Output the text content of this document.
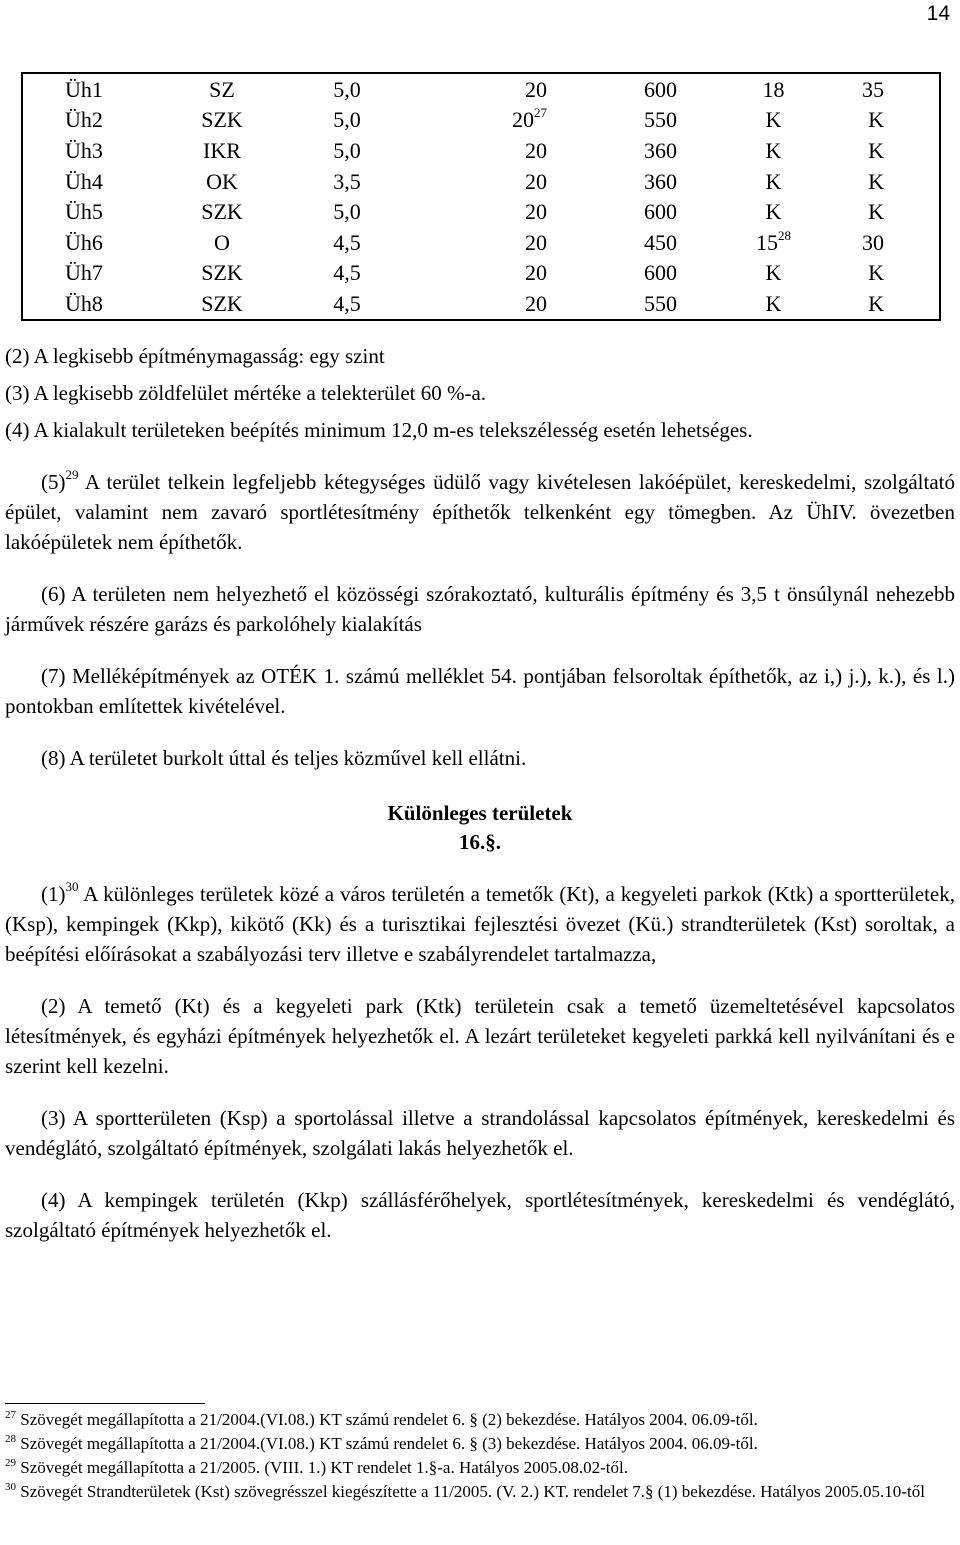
14
Üh1	SZ	5,0	20	600	18	35
Üh2	SZK	5,0	$20^{27}$	550	K	K
Üh3	IKR	5,0	20	360	K	K
Üh4	OK	3,5	20	360	K	K
Üh5	SZK	5,0	20	600	K	K
Üh6	O	4,5	20	450	$15^{28}$	30
Üh7	SZK	4,5	20	600	K	K
Üh8	SZK	4,5	20	550	K	K

(2) A legkisebb építménymagasság: egy szint

(3) A legkisebb zöldfelület mértéke a telekterület 60 %-a.

(4) A kialakult területeken beépítés minimum 12,0 m-es telekszélesség esetén lehetséges.

$(5)^{29}$ A terület telkein legfeljebb kétegységes üdülő vagy kivételesen lakóépület, kereskedelmi, szolgáltató épület, valamint nem zavaró sportlétesítmény építhetők telkenként egy tömegben. Az ÜhIV. övezetben lakóépületek nem építhetők.

(6) A területen nem helyezhető el közösségi szórakoztató, kulturális építmény és 3,5 t önsúlynál nehezebb járművek részére garázs és parkolóhely kialakítás

(7) Melléképítmények az OTÉK 1. számú melléklet 54. pontjában felsoroltak építhetők, az i,) j.), k.), és l.) pontokban említettek kivételével.

(8) A területet burkolt úttal és teljes közművel kell ellátni.

Különleges területek

16.§.

$(1)^{30}$ A különleges területek közé a város területén a temetők (Kt), a kegyeleti parkok (Ktk) a sportterületek, (Ksp), kempingek (Kkp), kikötő (Kk) és a turisztikai fejlesztési övezet (Kü.) strandterületek (Kst) soroltak, a beépítési előírásokat a szabályozási terv illetve e szabályrendelet tartalmazza,

(2) A temető (Kt) és a kegyeleti park (Ktk) területein csak a temető üzemeltetésével kapcsolatos létesítmények, és egyházi építmények helyezhetők el. A lezárt területeket kegyeleti parkká kell nyilvánítani és e szerint kell kezelni.

(3) A sportterületen (Ksp) a sportolással illetve a strandolással kapcsolatos építmények, kereskedelmi és vendéglátó, szolgáltató építmények, szolgálati lakás helyezhetők el.

(4) A kempingek területén (Kkp) szállásférőhelyek, sportlétesítmények, kereskedelmi és vendéglátó, szolgáltató építmények helyezhetők el.

$^{27}$ Szövegét megállapította a 21/2004.(VI.08.) KT számú rendelet 6. § (2) bekezdése. Hatályos 2004. 06.09-től.

$^{28}$ Szövegét megállapította a 21/2004.(VI.08.) KT számú rendelet 6. § (3) bekezdése. Hatályos 2004. 06.09-től.

$^{29}$ Szövegét megállapította a 21/2005. (VIII. 1.) KT rendelet 1.§-a. Hatályos 2005.08.02-től.

$^{30}$ Szövegét Strandterületek (Kst) szövegrésszel kiegészítette a 11/2005. (V. 2.) KT. rendelet 7.§ (1) bekezdése. Hatályos 2005.05.10-től
